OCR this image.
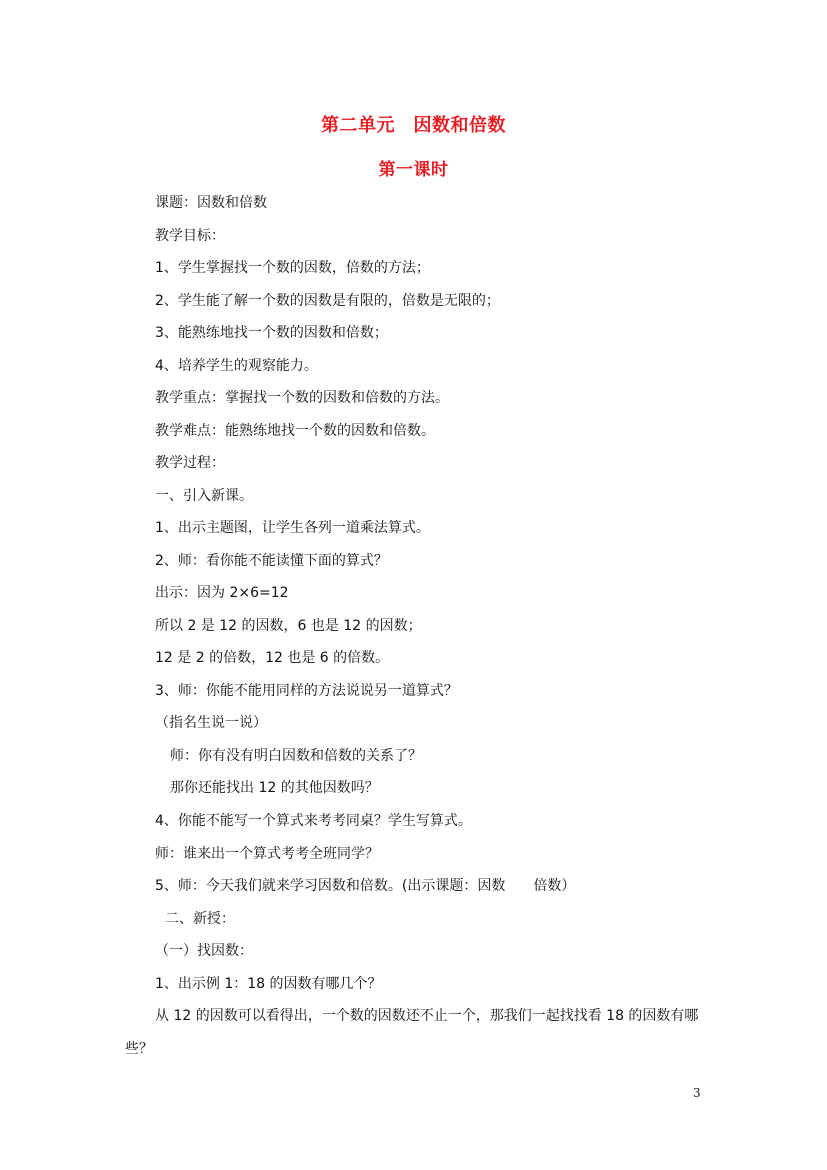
第二单元　因数和倍数
第一课时
课题：因数和倍数
教学目标：
1、学生掌握找一个数的因数，倍数的方法；
2、学生能了解一个数的因数是有限的，倍数是无限的；
3、能熟练地找一个数的因数和倍数；
4、培养学生的观察能力。
教学重点：掌握找一个数的因数和倍数的方法。
教学难点：能熟练地找一个数的因数和倍数。
教学过程：
一、引入新课。
1、出示主题图，让学生各列一道乘法算式。
2、师：看你能不能读懂下面的算式？
出示：因为 2×6=12
所以 2 是 12 的因数，6 也是 12 的因数；
12 是 2 的倍数，12 也是 6 的倍数。
3、师：你能不能用同样的方法说说另一道算式？
（指名生说一说）
师：你有没有明白因数和倍数的关系了？
那你还能找出 12 的其他因数吗？
4、你能不能写一个算式来考考同桌？学生写算式。
师：谁来出一个算式考考全班同学？
5、师：今天我们就来学习因数和倍数。(出示课题：因数　　倍数）
二、新授：
（一）找因数：
1、出示例 1：18 的因数有哪几个？
从 12 的因数可以看得出，一个数的因数还不止一个，那我们一起找找看 18 的因数有哪
些？
3
